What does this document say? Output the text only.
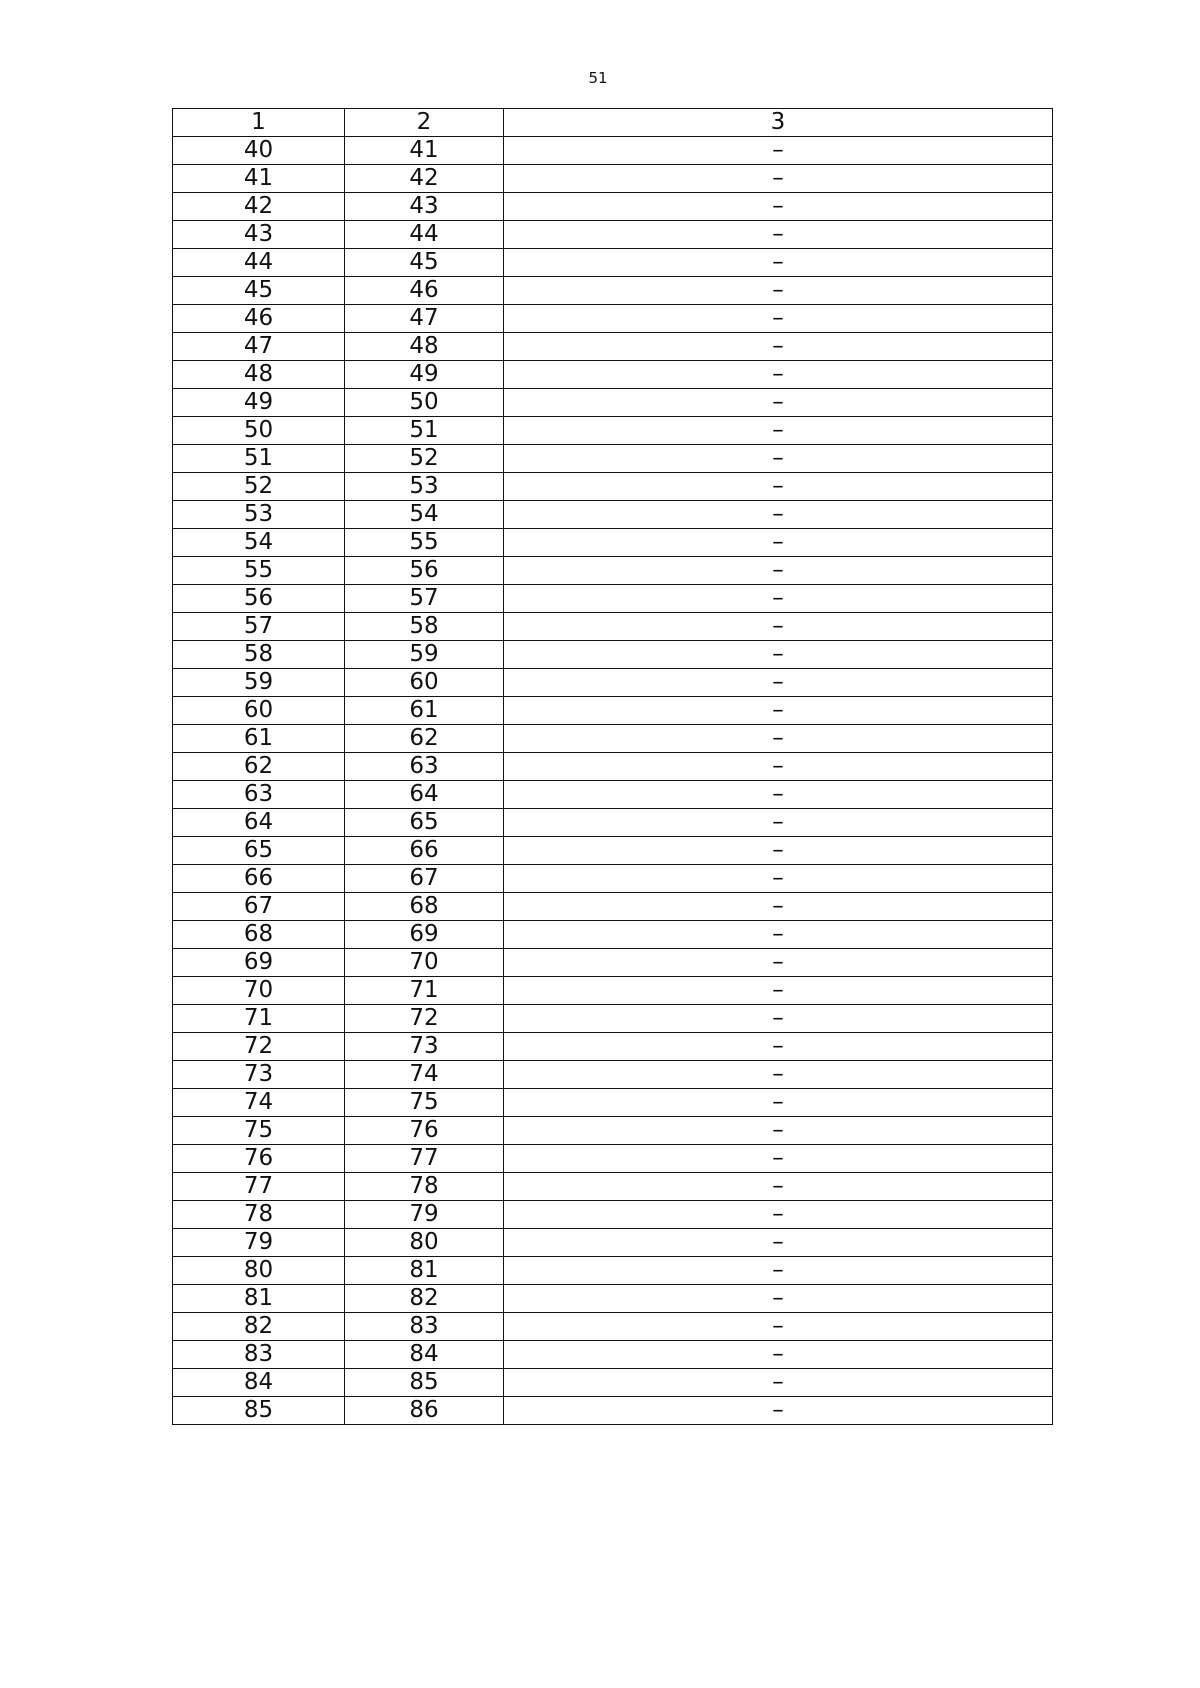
51
1	2	3
40	41	–
41	42	–
42	43	–
43	44	–
44	45	–
45	46	–
46	47	–
47	48	–
48	49	–
49	50	–
50	51	–
51	52	–
52	53	–
53	54	–
54	55	–
55	56	–
56	57	–
57	58	–
58	59	–
59	60	–
60	61	–
61	62	–
62	63	–
63	64	–
64	65	–
65	66	–
66	67	–
67	68	–
68	69	–
69	70	–
70	71	–
71	72	–
72	73	–
73	74	–
74	75	–
75	76	–
76	77	–
77	78	–
78	79	–
79	80	–
80	81	–
81	82	–
82	83	–
83	84	–
84	85	–
85	86	–
